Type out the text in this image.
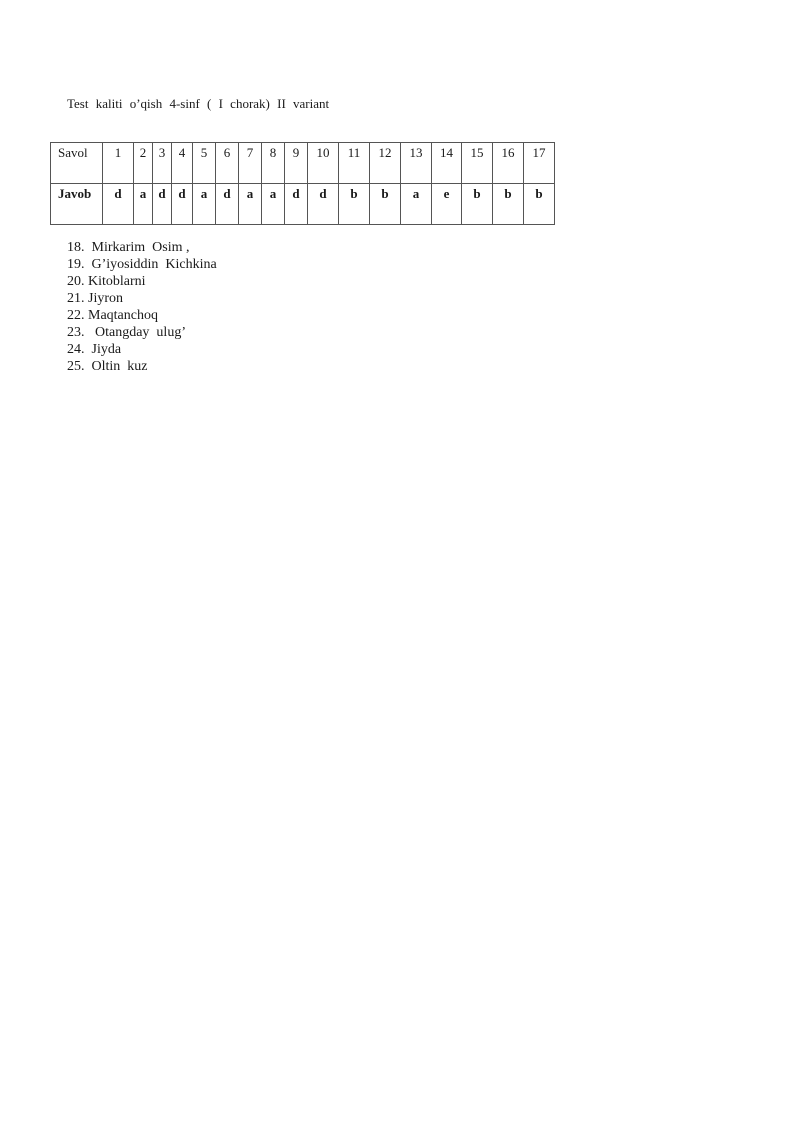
Test kaliti o’qish 4-sinf ( I chorak) II variant
Savol	1	2	3	4	5	6	7	8	9	10	11	12	13	14	15	16	17
Javob	d	a	d	d	a	d	a	a	d	d	b	b	a	e	b	b	b
18.  Mirkarim  Osim ,
19.  G’iyosiddin  Kichkina
20. Kitoblarni
21. Jiyron
22. Maqtanchoq
23.   Otangday  ulug’
24.  Jiyda
25.  Oltin  kuz
